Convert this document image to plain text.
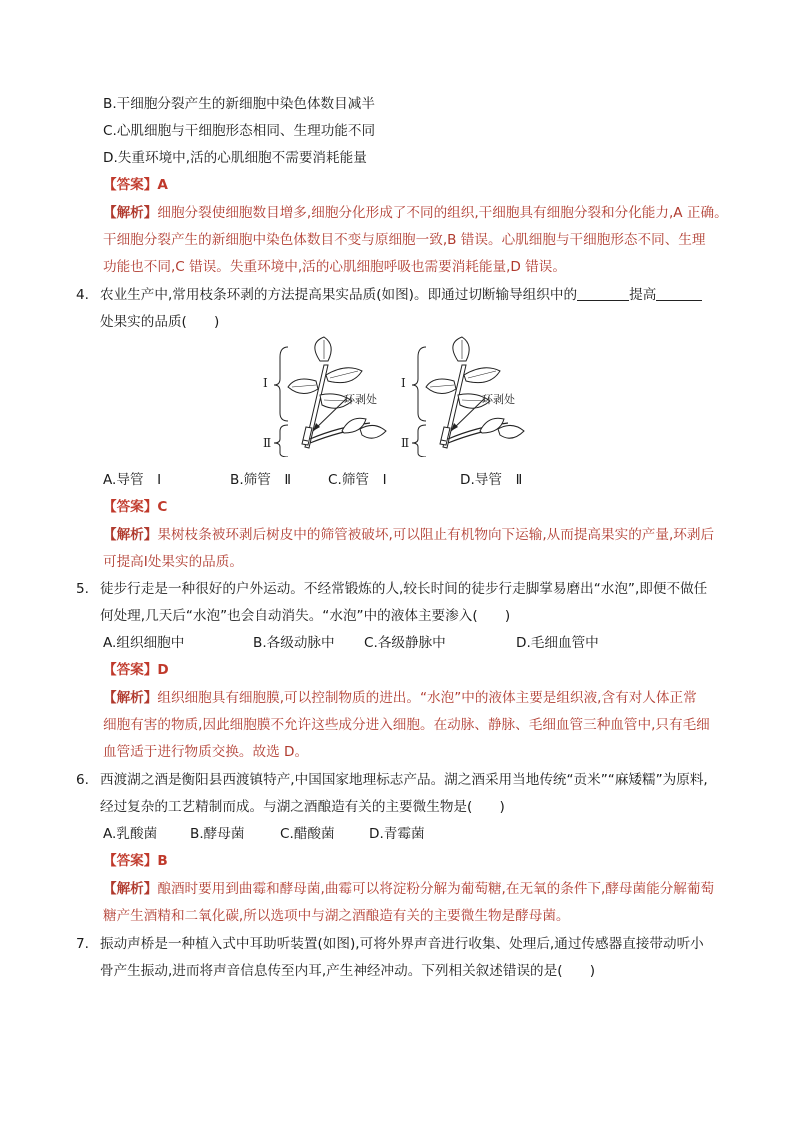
B.干细胞分裂产生的新细胞中染色体数目减半
C.心肌细胞与干细胞形态相同、生理功能不同
D.失重环境中,活的心肌细胞不需要消耗能量
【答案】A
【解析】细胞分裂使细胞数目增多,细胞分化形成了不同的组织,干细胞具有细胞分裂和分化能力,A 正确。
干细胞分裂产生的新细胞中染色体数目不变与原细胞一致,B 错误。心肌细胞与干细胞形态不同、生理
功能也不同,C 错误。失重环境中,活的心肌细胞呼吸也需要消耗能量,D 错误。
4. 农业生产中,常用枝条环剥的方法提高果实品质(如图)。即通过切断输导组织中的	提高
处果实的品质(　　)
Ⅰ
Ⅱ
环剥处
Ⅰ
Ⅱ
环剥处
A.导管　Ⅰ	B.筛管　Ⅱ	C.筛管　Ⅰ	D.导管　Ⅱ
【答案】C
【解析】果树枝条被环剥后树皮中的筛管被破坏,可以阻止有机物向下运输,从而提高果实的产量,环剥后
可提高Ⅰ处果实的品质。
5. 徒步行走是一种很好的户外运动。不经常锻炼的人,较长时间的徒步行走脚掌易磨出“水泡”,即便不做任
何处理,几天后“水泡”也会自动消失。“水泡”中的液体主要渗入(　　)
A.组织细胞中	B.各级动脉中 C.各级静脉中	D.毛细血管中
【答案】D
【解析】组织细胞具有细胞膜,可以控制物质的进出。“水泡”中的液体主要是组织液,含有对人体正常
细胞有害的物质,因此细胞膜不允许这些成分进入细胞。在动脉、静脉、毛细血管三种血管中,只有毛细
血管适于进行物质交换。故选 D。
6. 西渡湖之酒是衡阳县西渡镇特产,中国国家地理标志产品。湖之酒采用当地传统“贡米”“麻矮糯”为原料,
经过复杂的工艺精制而成。与湖之酒酿造有关的主要微生物是(　　)
A.乳酸菌 B.酵母菌	C.醋酸菌	D.青霉菌
【答案】B
【解析】酿酒时要用到曲霉和酵母菌,曲霉可以将淀粉分解为葡萄糖,在无氧的条件下,酵母菌能分解葡萄
糖产生酒精和二氧化碳,所以选项中与湖之酒酿造有关的主要微生物是酵母菌。
7. 振动声桥是一种植入式中耳助听装置(如图),可将外界声音进行收集、处理后,通过传感器直接带动听小
骨产生振动,进而将声音信息传至内耳,产生神经冲动。下列相关叙述错误的是(　　)
